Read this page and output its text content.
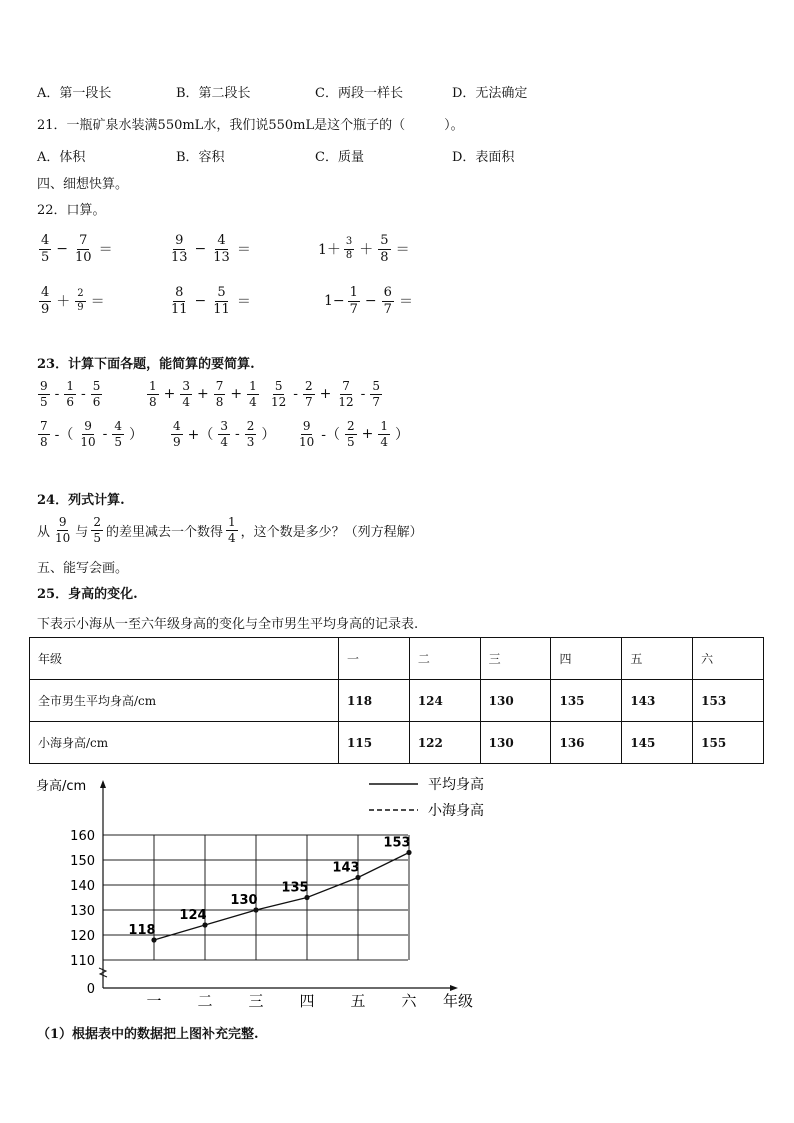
A．第一段长	B．第二段长	C．两段一样长	D．无法确定
21．一瓶矿泉水装满550mL水，我们说550mL是这个瓶子的（　　　）。
A．体积	B．容积	C．质量	D．表面积
四、细想快算。
22．口算。
$\frac{4}{5} - \frac{7}{10}$ ＝	$\frac{9}{13} - \frac{4}{13}$ ＝	$1+ \frac{3}{8} + \frac{5}{8}$ ＝
$\frac{4}{9} + \frac{2}{9}$ ＝	$\frac{8}{11} - \frac{5}{11}$ ＝	$1- \frac{1}{7} - \frac{6}{7}$ ＝
23．计算下面各题，能简算的要简算.
$\frac{9}{5} - \frac{1}{6} - \frac{5}{6}$	$\frac{1}{8} + \frac{3}{4} + \frac{7}{8} + \frac{1}{4} \frac{5}{12} - \frac{2}{7} + \frac{7}{12} - \frac{5}{7}$
$\frac{7}{8}$ -（ $\frac{9}{10} - \frac{4}{5}$ ） $\frac{4}{9}$ +（ $\frac{3}{4} - \frac{2}{3}$ ） $\frac{9}{10}$ -（ $\frac{2}{5} + \frac{1}{4}$ ）
24．列式计算.
从 $\frac{9}{10}$ 与 $\frac{2}{5}$ 的差里减去一个数得 $\frac{1}{4}$ ，这个数是多少？（列方程解）
五、能写会画。
25．身高的变化.
下表示小海从一至六年级身高的变化与全市男生平均身高的记录表.
年级	一	二	三	四	五	六
全市男生平均身高/cm	118	124	130	135	143	153
小海身高/cm	115	122	130	136	145	155
身高/cm
年级
160
150
140
130
120
110
0
一 二 三 四 五 六
平均身高
小海身高
118
124
130
135
143
153
（1）根据表中的数据把上图补充完整.
